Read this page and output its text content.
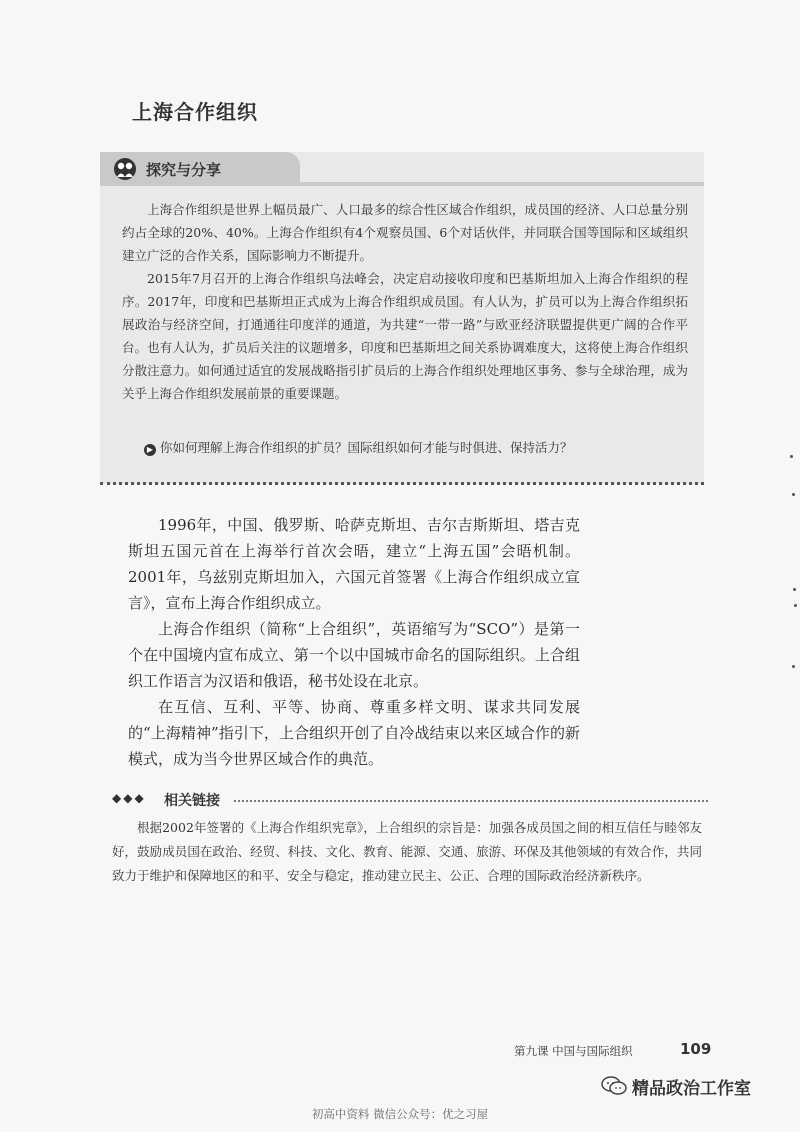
上海合作组织
探究与分享

上海合作组织是世界上幅员最广、人口最多的综合性区域合作组织，成员国的经济、人口总量分别约占全球的20%、40%。上海合作组织有4个观察员国、6个对话伙伴，并同联合国等国际和区域组织建立广泛的合作关系，国际影响力不断提升。

2015年7月召开的上海合作组织乌法峰会，决定启动接收印度和巴基斯坦加入上海合作组织的程序。2017年，印度和巴基斯坦正式成为上海合作组织成员国。有人认为，扩员可以为上海合作组织拓展政治与经济空间，打通通往印度洋的通道，为共建“一带一路”与欧亚经济联盟提供更广阔的合作平台。也有人认为，扩员后关注的议题增多，印度和巴基斯坦之间关系协调难度大，这将使上海合作组织分散注意力。如何通过适宜的发展战略指引扩员后的上海合作组织处理地区事务、参与全球治理，成为关乎上海合作组织发展前景的重要课题。

▶ 你如何理解上海合作组织的扩员？国际组织如何才能与时俱进、保持活力？

1996年，中国、俄罗斯、哈萨克斯坦、吉尔吉斯斯坦、塔吉克斯坦五国元首在上海举行首次会晤，建立“上海五国”会晤机制。2001年，乌兹别克斯坦加入，六国元首签署《上海合作组织成立宣言》，宣布上海合作组织成立。

上海合作组织（简称“上合组织”，英语缩写为“SCO”）是第一个在中国境内宣布成立、第一个以中国城市命名的国际组织。上合组织工作语言为汉语和俄语，秘书处设在北京。

在互信、互利、平等、协商、尊重多样文明、谋求共同发展的“上海精神”指引下，上合组织开创了自冷战结束以来区域合作的新模式，成为当今世界区域合作的典范。

◆◆◆ 相关链接

根据2002年签署的《上海合作组织宪章》，上合组织的宗旨是：加强各成员国之间的相互信任与睦邻友好，鼓励成员国在政治、经贸、科技、文化、教育、能源、交通、旅游、环保及其他领域的有效合作，共同致力于维护和保障地区的和平、安全与稳定，推动建立民主、公正、合理的国际政治经济新秩序。

第九课 中国与国际组织	109
精品政治工作室
初高中资料 微信公众号：优之习屋
